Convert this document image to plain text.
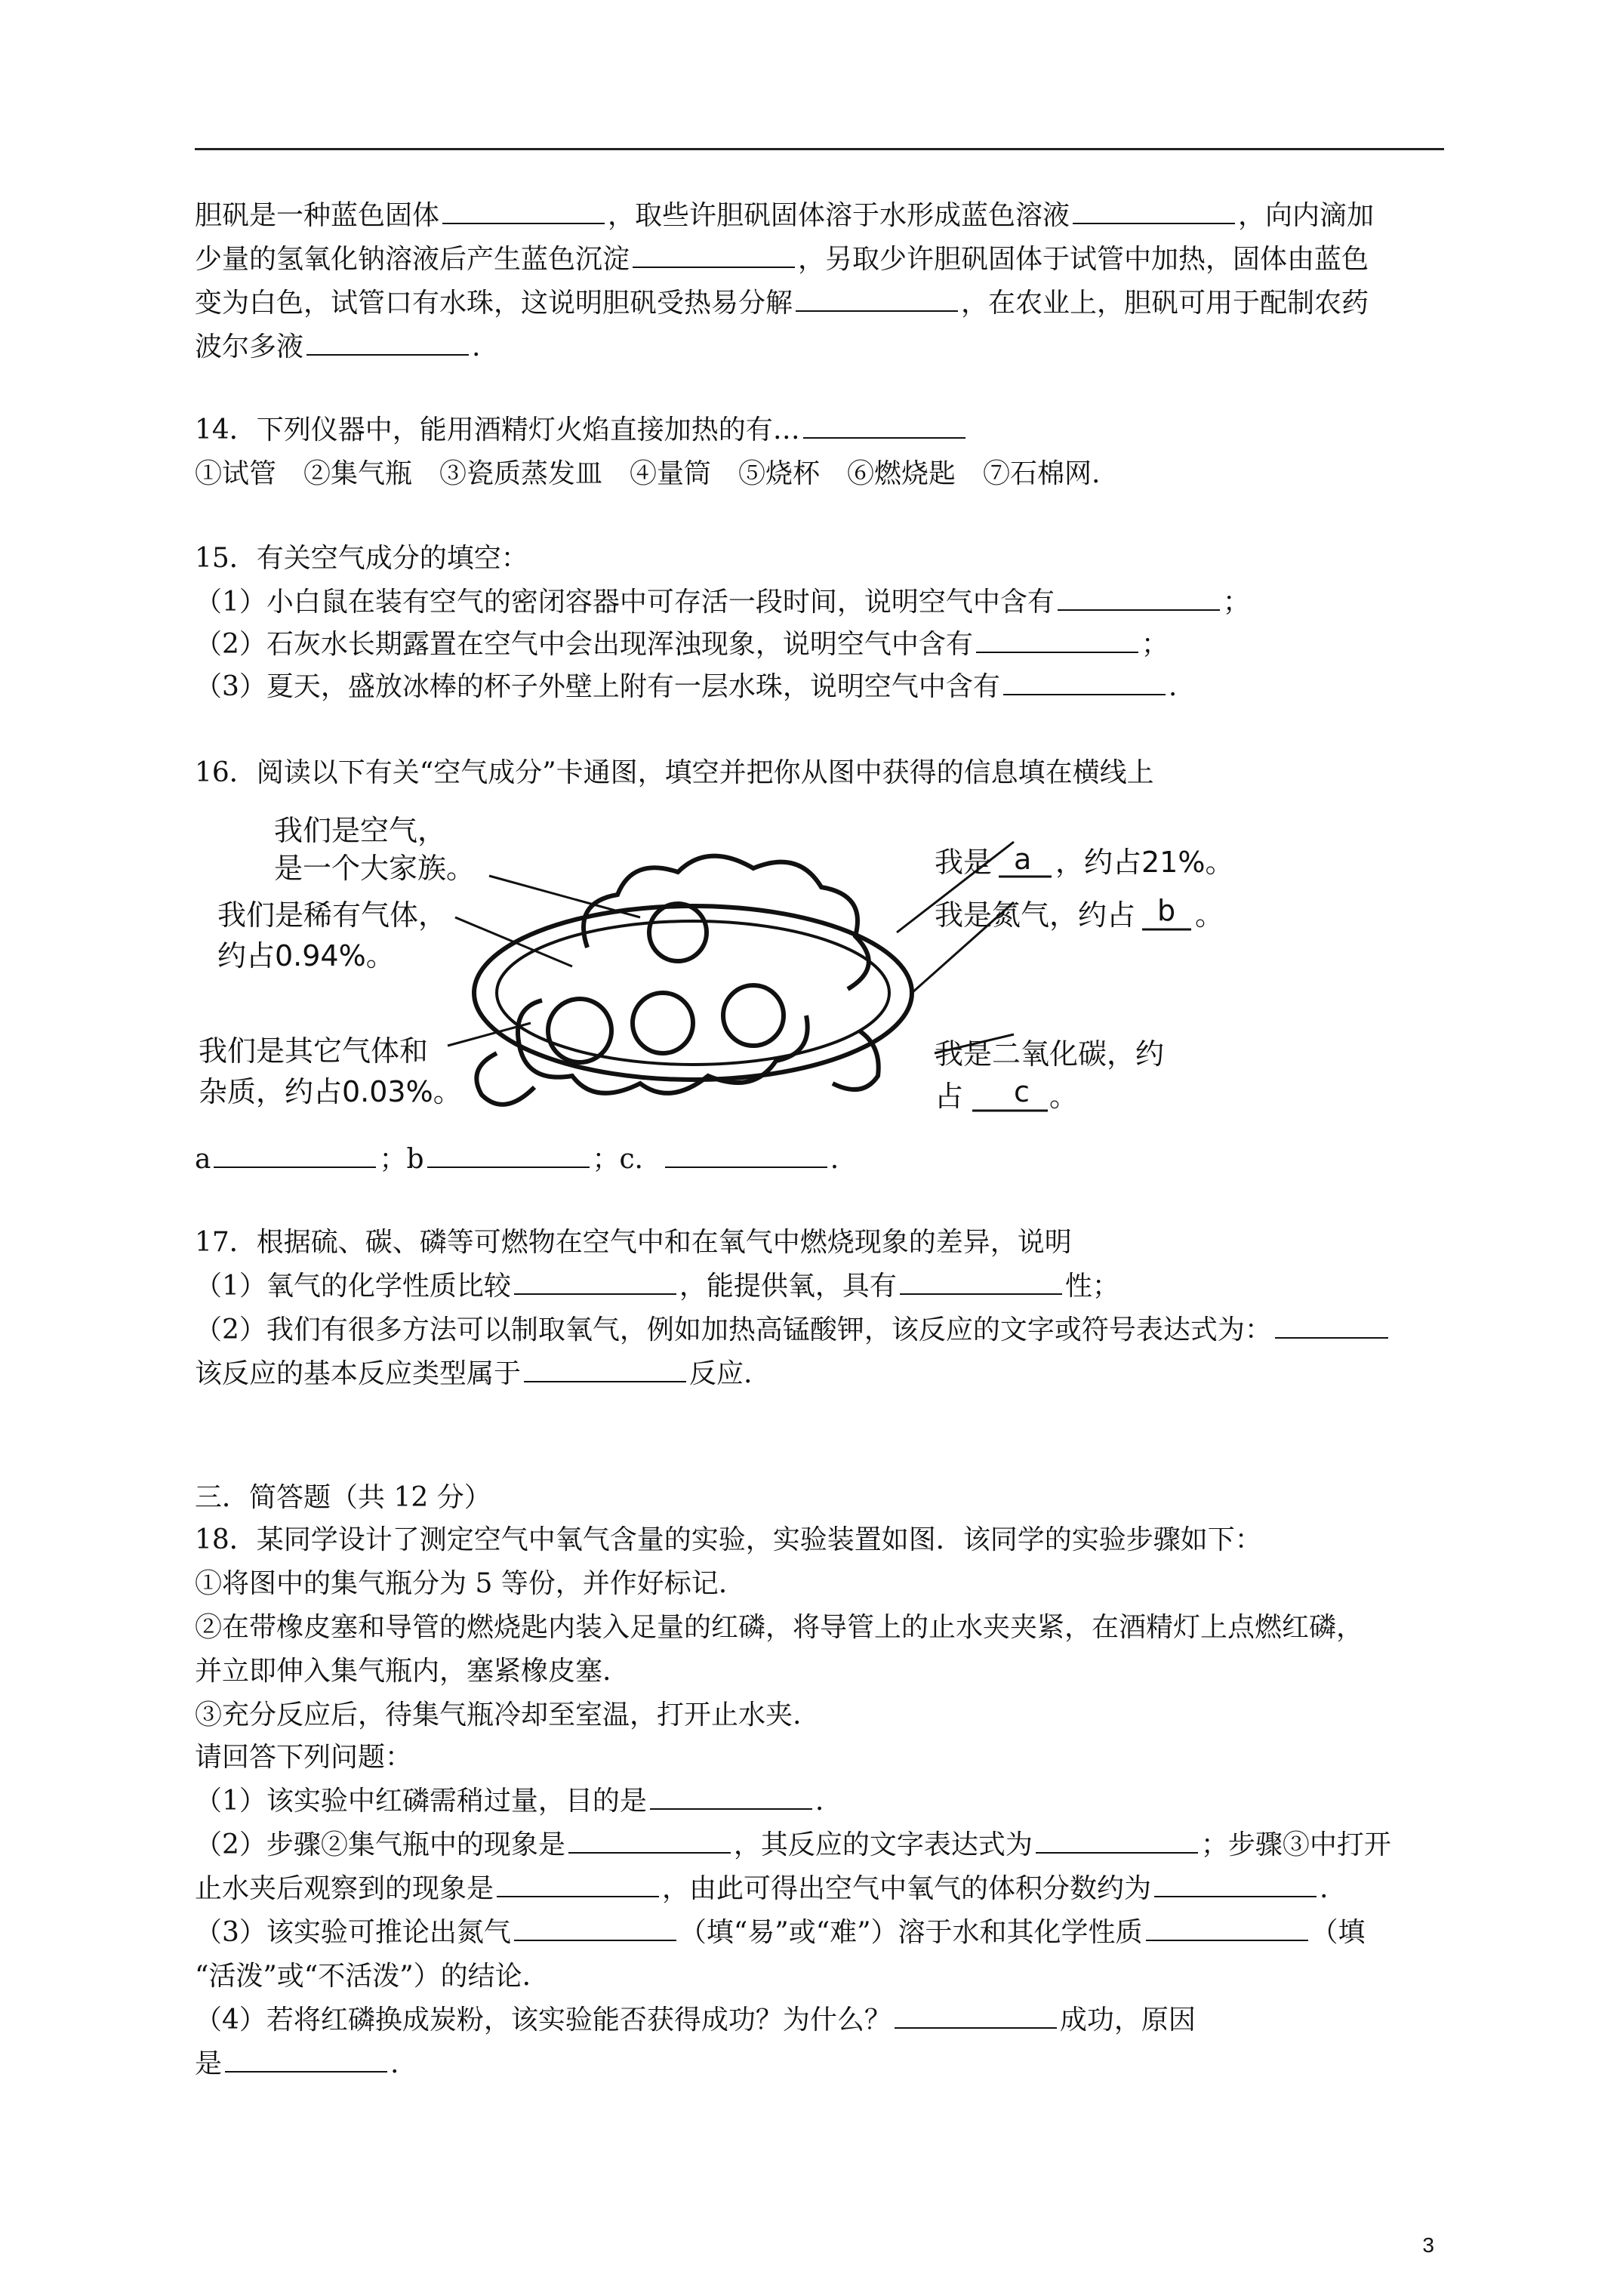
胆矾是一种蓝色固体	，取些许胆矾固体溶于水形成蓝色溶液	，向内滴加
少量的氢氧化钠溶液后产生蓝色沉淀	，另取少许胆矾固体于试管中加热，固体由蓝色
变为白色，试管口有水珠，这说明胆矾受热易分解	，在农业上，胆矾可用于配制农药
波尔多液	.
14．下列仪器中，能用酒精灯火焰直接加热的有…
①试管　②集气瓶　③瓷质蒸发皿　④量筒　⑤烧杯　⑥燃烧匙　⑦石棉网.
15．有关空气成分的填空：
（1）小白鼠在装有空气的密闭容器中可存活一段时间，说明空气中含有	；
（2）石灰水长期露置在空气中会出现浑浊现象，说明空气中含有	；
（3）夏天，盛放冰棒的杯子外壁上附有一层水珠，说明空气中含有	.
16．阅读以下有关“空气成分”卡通图，填空并把你从图中获得的信息填在横线上
我们是空气，
是一个大家族。
我们是稀有气体，
约占0.94%。
我们是其它气体和
杂质，约占0.03%。
我是 a ，约占21%。
我是氮气，约占 b 。
我是二氧化碳，约
占 c 。
a	；b	；c．	.
17．根据硫、碳、磷等可燃物在空气中和在氧气中燃烧现象的差异，说明
（1）氧气的化学性质比较	，能提供氧，具有	性；
（2）我们有很多方法可以制取氧气，例如加热高锰酸钾，该反应的文字或符号表达式为：
该反应的基本反应类型属于	反应.
三．简答题（共 12 分）
18．某同学设计了测定空气中氧气含量的实验，实验装置如图．该同学的实验步骤如下：
①将图中的集气瓶分为 5 等份，并作好标记.
②在带橡皮塞和导管的燃烧匙内装入足量的红磷，将导管上的止水夹夹紧，在酒精灯上点燃红磷，
并立即伸入集气瓶内，塞紧橡皮塞.
③充分反应后，待集气瓶冷却至室温，打开止水夹.
请回答下列问题：
（1）该实验中红磷需稍过量，目的是	.
（2）步骤②集气瓶中的现象是	，其反应的文字表达式为	；步骤③中打开
止水夹后观察到的现象是	，由此可得出空气中氧气的体积分数约为	.
（3）该实验可推论出氮气	（填“易”或“难”）溶于水和其化学性质	（填
“活泼”或“不活泼”）的结论.
（4）若将红磷换成炭粉，该实验能否获得成功？为什么？	成功，原因
是	.
3
